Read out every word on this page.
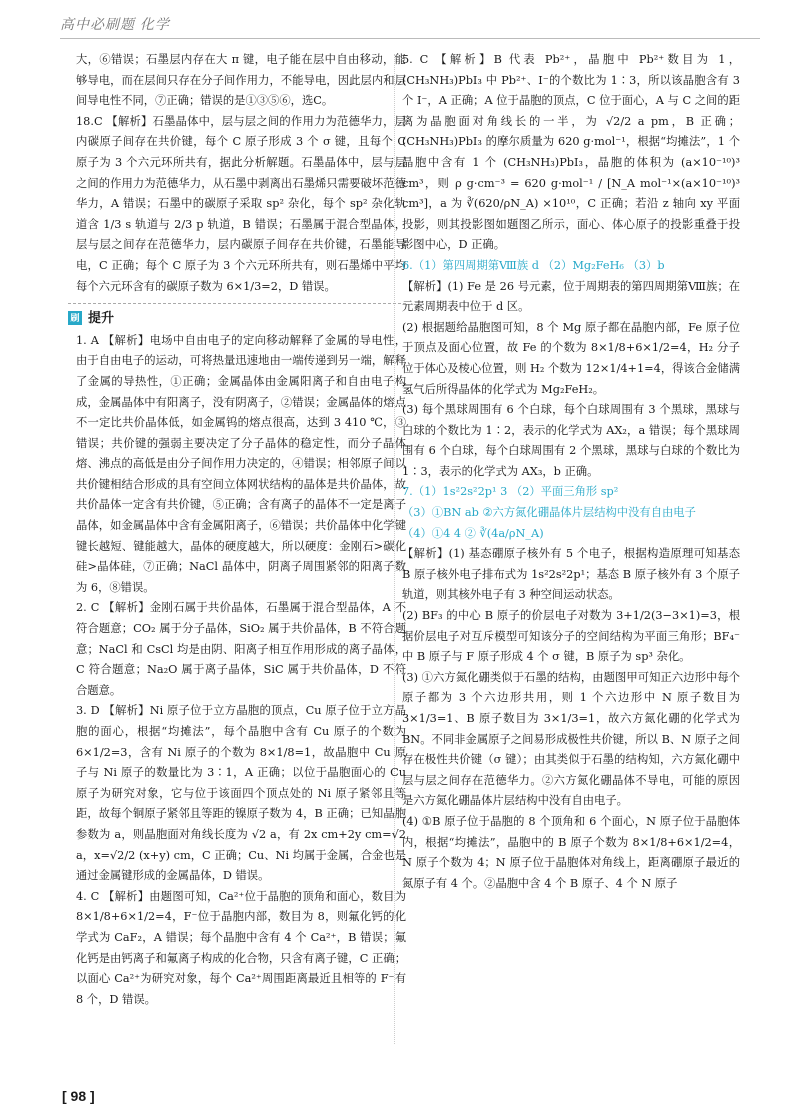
高中必刷题 化学

大，⑥错误；石墨层内存在大 π 键，电子能在层中自由移动，能够导电，而在层间只存在分子间作用力，不能导电，因此层内和层间导电性不同，⑦正确；错误的是①③⑤⑥，选C。

18.C 【解析】石墨晶体中，层与层之间的作用力为范德华力，层内碳原子间存在共价键，每个 C 原子形成 3 个 σ 键，且每个 C 原子为 3 个六元环所共有，据此分析解题。石墨晶体中，层与层之间的作用力为范德华力，从石墨中剥离出石墨烯只需要破坏范德华力，A 错误；石墨中的碳原子采取 sp² 杂化，每个 sp² 杂化轨道含 1/3 s 轨道与 2/3 p 轨道，B 错误；石墨属于混合型晶体，层与层之间存在范德华力，层内碳原子间存在共价键，石墨能导电，C 正确；每个 C 原子为 3 个六元环所共有，则石墨烯中平均每个六元环含有的碳原子数为 6×1/3=2，D 错误。

刷 提升

1. A 【解析】电场中自由电子的定向移动解释了金属的导电性，由于自由电子的运动，可将热量迅速地由一端传递到另一端，解释了金属的导热性，①正确；金属晶体由金属阳离子和自由电子构成，金属晶体中有阳离子，没有阴离子，②错误；金属晶体的熔点不一定比共价晶体低，如金属钨的熔点很高，达到 3 410 ℃，③错误；共价键的强弱主要决定了分子晶体的稳定性，而分子晶体熔、沸点的高低是由分子间作用力决定的，④错误；相邻原子间以共价键相结合形成的具有空间立体网状结构的晶体是共价晶体，故共价晶体一定含有共价键，⑤正确；含有离子的晶体不一定是离子晶体，如金属晶体中含有金属阳离子，⑥错误；共价晶体中化学键键长越短、键能越大，晶体的硬度越大，所以硬度：金刚石>碳化硅>晶体硅，⑦正确；NaCl 晶体中，阴离子周围紧邻的阳离子数为 6，⑧错误。

2. C 【解析】金刚石属于共价晶体，石墨属于混合型晶体，A 不符合题意；CO₂ 属于分子晶体，SiO₂ 属于共价晶体，B 不符合题意；NaCl 和 CsCl 均是由阴、阳离子相互作用形成的离子晶体，C 符合题意；Na₂O 属于离子晶体，SiC 属于共价晶体，D 不符合题意。

3. D 【解析】Ni 原子位于立方晶胞的顶点，Cu 原子位于立方晶胞的面心，根据“均摊法”，每个晶胞中含有 Cu 原子的个数为 6×1/2=3，含有 Ni 原子的个数为 8×1/8=1，故晶胞中 Cu 原子与 Ni 原子的数量比为 3∶1，A 正确；以位于晶胞面心的 Cu 原子为研究对象，它与位于该面四个顶点处的 Ni 原子紧邻且等距，故每个铜原子紧邻且等距的镍原子数为 4，B 正确；已知晶胞参数为 a，则晶胞面对角线长度为 √2 a，有 2x cm+2y cm=√2 a，x=√2/2 (x+y) cm，C 正确；Cu、Ni 均属于金属，合金也是通过金属键形成的金属晶体，D 错误。

4. C 【解析】由题图可知，Ca²⁺位于晶胞的顶角和面心，数目为 8×1/8+6×1/2=4，F⁻位于晶胞内部，数目为 8，则氟化钙的化学式为 CaF₂，A 错误；每个晶胞中含有 4 个 Ca²⁺，B 错误；氟化钙是由钙离子和氟离子构成的化合物，只含有离子键，C 正确；以面心 Ca²⁺为研究对象，每个 Ca²⁺周围距离最近且相等的 F⁻有 8 个，D 错误。

5. C 【解析】B 代表 Pb²⁺，晶胞中 Pb²⁺数目为 1，(CH₃NH₃)PbI₃ 中 Pb²⁺、I⁻的个数比为 1∶3，所以该晶胞含有 3 个 I⁻，A 正确；A 位于晶胞的顶点，C 位于面心，A 与 C 之间的距离为晶胞面对角线长的一半，为 √2/2 a pm，B 正确；(CH₃NH₃)PbI₃ 的摩尔质量为 620 g·mol⁻¹，根据“均摊法”，1 个晶胞中含有 1 个 (CH₃NH₃)PbI₃，晶胞的体积为 (a×10⁻¹⁰)³ cm³，则 ρ g·cm⁻³ = 620 g·mol⁻¹ / [N_A mol⁻¹×(a×10⁻¹⁰)³ cm³]，a 为 ∛(620/ρN_A) ×10¹⁰，C 正确；若沿 z 轴向 xy 平面投影，则其投影图如题图乙所示，面心、体心原子的投影重叠于投影图中心，D 正确。

6.（1）第四周期第Ⅷ族 d （2）Mg₂FeH₆ （3）b

【解析】(1) Fe 是 26 号元素，位于周期表的第四周期第Ⅷ族；在元素周期表中位于 d 区。

(2) 根据题给晶胞图可知，8 个 Mg 原子都在晶胞内部，Fe 原子位于顶点及面心位置，故 Fe 的个数为 8×1/8+6×1/2=4，H₂ 分子位于体心及棱心位置，则 H₂ 个数为 12×1/4+1=4，得该合金储满氢气后所得晶体的化学式为 Mg₂FeH₂。

(3) 每个黑球周围有 6 个白球，每个白球周围有 3 个黑球，黑球与白球的个数比为 1∶2，表示的化学式为 AX₂，a 错误；每个黑球周围有 6 个白球，每个白球周围有 2 个黑球，黑球与白球的个数比为 1∶3，表示的化学式为 AX₃，b 正确。

7.（1）1s²2s²2p¹ 3 （2）平面三角形 sp²

（3）①BN ab ②六方氮化硼晶体片层结构中没有自由电子

（4）①4 4 ② ∛(4a/ρN_A)

【解析】(1) 基态硼原子核外有 5 个电子，根据构造原理可知基态 B 原子核外电子排布式为 1s²2s²2p¹；基态 B 原子核外有 3 个原子轨道，则其核外电子有 3 种空间运动状态。

(2) BF₃ 的中心 B 原子的价层电子对数为 3+1/2(3−3×1)=3，根据价层电子对互斥模型可知该分子的空间结构为平面三角形；BF₄⁻ 中 B 原子与 F 原子形成 4 个 σ 键，B 原子为 sp³ 杂化。

(3) ①六方氮化硼类似于石墨的结构，由题图甲可知正六边形中每个原子都为 3 个六边形共用，则 1 个六边形中 N 原子数目为 3×1/3=1、B 原子数目为 3×1/3=1，故六方氮化硼的化学式为 BN。不同非金属原子之间易形成极性共价键，所以 B、N 原子之间存在极性共价键（σ 键）；由其类似于石墨的结构知，六方氮化硼中层与层之间存在范德华力。②六方氮化硼晶体不导电，可能的原因是六方氮化硼晶体片层结构中没有自由电子。

(4) ①B 原子位于晶胞的 8 个顶角和 6 个面心，N 原子位于晶胞体内，根据“均摊法”，晶胞中的 B 原子个数为 8×1/8+6×1/2=4，N 原子个数为 4；N 原子位于晶胞体对角线上，距离硼原子最近的氮原子有 4 个。②晶胞中含 4 个 B 原子、4 个 N 原子

[ 98 ]
